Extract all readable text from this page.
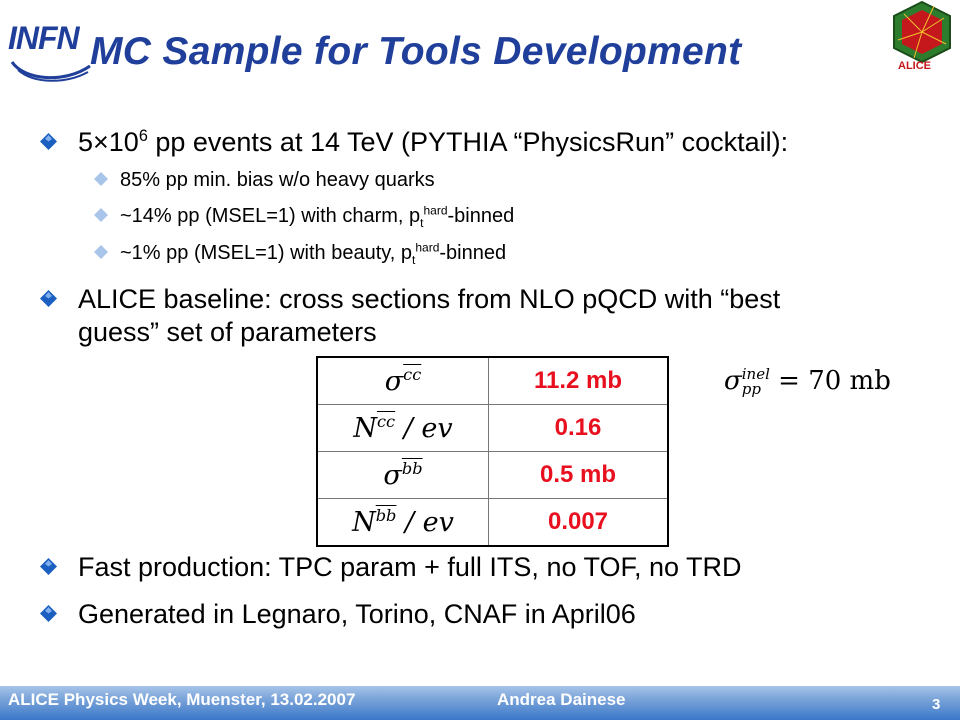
INFN
ALICE
MC Sample for Tools Development
$5\times 10^6$ pp events at 14 TeV (PYTHIA “PhysicsRun” cocktail):
85% pp min. bias w/o heavy quarks
~14% pp (MSEL=1) with charm, $p_t^{hard}$-binned
~1% pp (MSEL=1) with beauty, $p_t^{hard}$-binned
ALICE baseline: cross sections from NLO pQCD with “best
guess” set of parameters
$\sigma^{\overline{cc}}$	11.2 mb
$N^{\overline{cc}}$ / ev	0.16
$\sigma^{\overline{bb}}$	0.5 mb
$N^{\overline{bb}}$ / ev	0.007
σ inel
pp = 70 mb
Fast production: TPC param + full ITS, no TOF, no TRD
Generated in Legnaro, Torino, CNAF in April06
ALICE Physics Week, Muenster, 13.02.2007	Andrea Dainese	3
